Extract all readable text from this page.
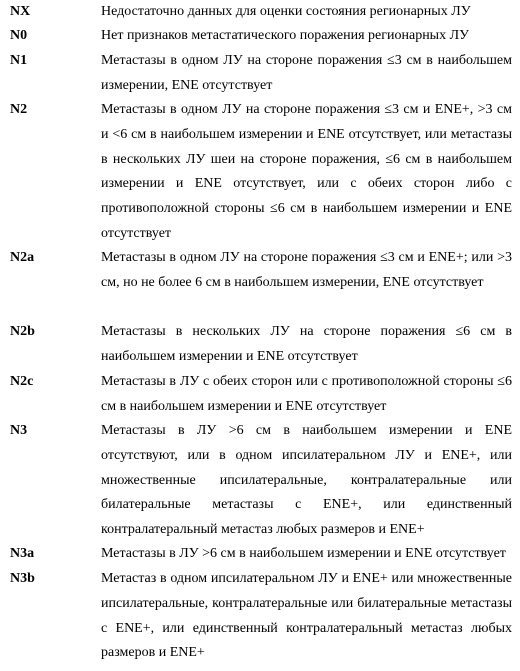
NX	Недостаточно данных для оценки состояния регионарных ЛУ
N0	Нет признаков метастатического поражения регионарных ЛУ
N1	Метастазы в одном ЛУ на стороне поражения ≤3 см в наибольшем измерении, ENE отсутствует
N2	Метастазы в одном ЛУ на стороне поражения ≤3 см и ENE+, >3 см и <6 см в наибольшем измерении и ENE отсутствует, или метастазы в нескольких ЛУ шеи на стороне поражения, ≤6 см в наибольшем измерении и ENE отсутствует, или с обеих сторон либо с противоположной стороны ≤6 см в наибольшем измерении и ENE отсутствует
N2a	Метастазы в одном ЛУ на стороне поражения ≤3 см и ENE+; или >3 см, но не более 6 см в наибольшем измерении, ENE отсутствует
N2b	Метастазы в нескольких ЛУ на стороне поражения ≤6 см в наибольшем измерении и ENE отсутствует
N2c	Метастазы в ЛУ с обеих сторон или с противоположной стороны ≤6 см в наибольшем измерении и ENE отсутствует
N3	Метастазы в ЛУ >6 см в наибольшем измерении и ENE отсутствуют, или в одном ипсилатеральном ЛУ и ENE+, или множественные ипсилатеральные, контралатеральные или билатеральные метастазы с ENE+, или единственный контралатеральный метастаз любых размеров и ENE+
N3a	Метастазы в ЛУ >6 см в наибольшем измерении и ENE отсутствует
N3b	Метастаз в одном ипсилатеральном ЛУ и ENE+ или множественные ипсилатеральные, контралатеральные или билатеральные метастазы с ENE+, или единственный контралатеральный метастаз любых размеров и ENE+
